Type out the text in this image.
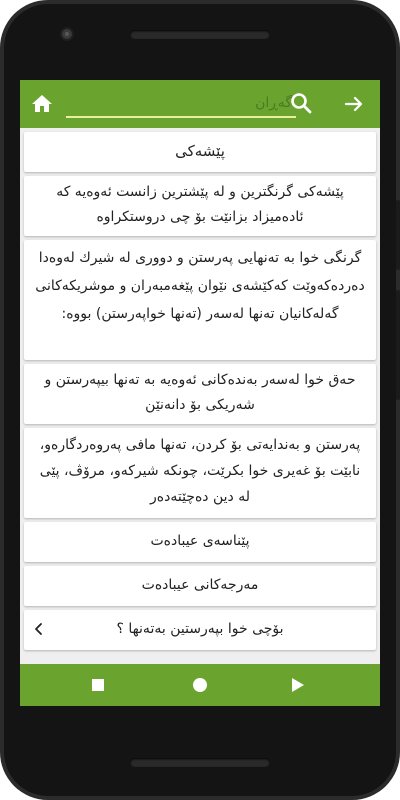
گەڕان
پێشەکی
پێشەکی گرنگترین و لە پێشترین زانست ئەوەیە کە ئادەمیزاد بزانێت بۆ چی دروستکراوە
گرنگی خوا بە تەنهایی پەرستن و دووری لە شیرك لەوەدا دەردەکەوێت کەکێشەی نێوان پێغەمبەران و موشریکەکانی گەلەکانیان تەنها لەسەر (تەنها خواپەرستن) بووە:
حەق خوا لەسەر بەندەکانی ئەوەیە بە تەنها بیپەرستن و شەریکی بۆ دانەنێن
پەرستن و بەندایەتی بۆ کردن، تەنها مافی پەروەردگارەو، نابێت بۆ غەیری خوا بکرێت، چونکە شیرکەو، مرۆڤ، پێی لە دین دەچێتەدەر
پێناسەی عیبادەت
مەرجەکانی عیبادەت
بۆچی خوا بپەرستین بەتەنها ؟
